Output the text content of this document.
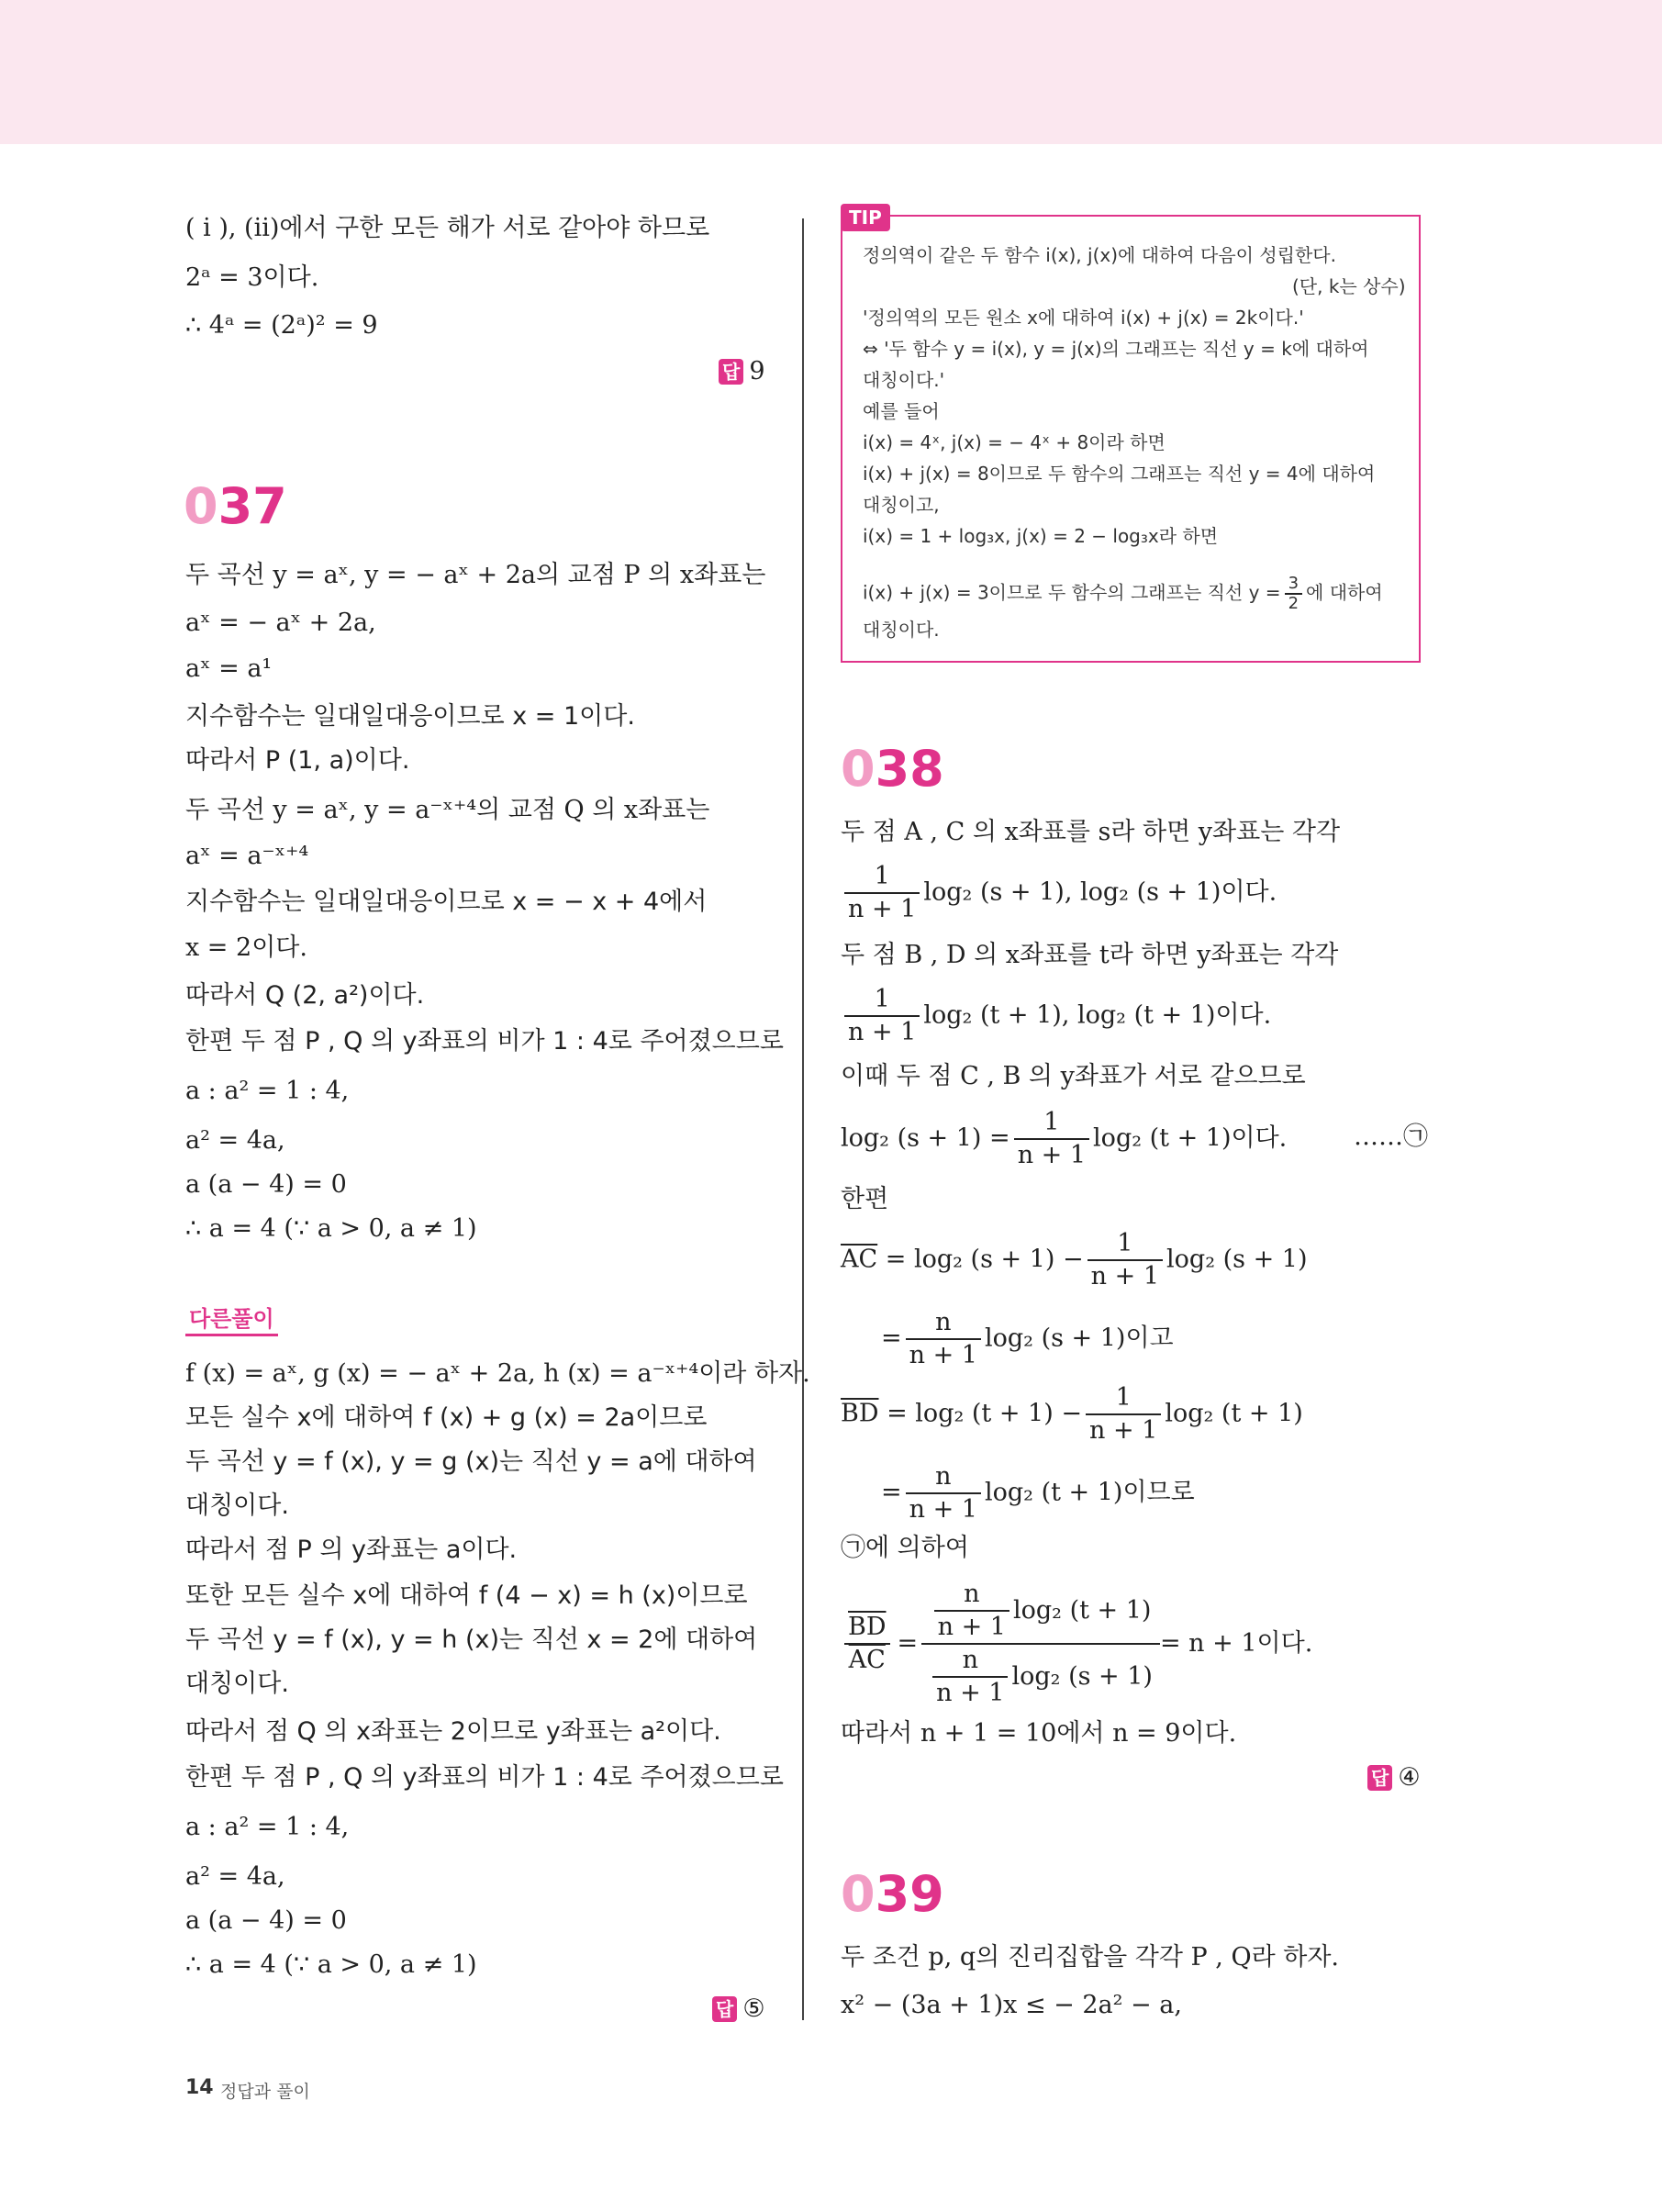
( i ), (ii)에서 구한 모든 해가 서로 같아야 하므로
2ᵃ = 3이다.
∴ 4ᵃ = (2ᵃ)² = 9
답 9
037
두 곡선 y = aˣ, y = − aˣ + 2a의 교점 P 의 x좌표는
aˣ = − aˣ + 2a,
aˣ = a¹
지수함수는 일대일대응이므로 x = 1이다.
따라서 P (1, a)이다.
두 곡선 y = aˣ, y = a⁻ˣ⁺⁴의 교점 Q 의 x좌표는
aˣ = a⁻ˣ⁺⁴
지수함수는 일대일대응이므로 x = − x + 4에서
x = 2이다.
따라서 Q (2, a²)이다.
한편 두 점 P , Q 의 y좌표의 비가 1 : 4로 주어졌으므로
a : a² = 1 : 4,
a² = 4a,
a (a − 4) = 0
∴ a = 4 (∵ a > 0, a ≠ 1)
다른풀이
f (x) = aˣ, g (x) = − aˣ + 2a, h (x) = a⁻ˣ⁺⁴이라 하자.
모든 실수 x에 대하여 f (x) + g (x) = 2a이므로
두 곡선 y = f (x), y = g (x)는 직선 y = a에 대하여
대칭이다.
따라서 점 P 의 y좌표는 a이다.
또한 모든 실수 x에 대하여 f (4 − x) = h (x)이므로
두 곡선 y = f (x), y = h (x)는 직선 x = 2에 대하여
대칭이다.
따라서 점 Q 의 x좌표는 2이므로 y좌표는 a²이다.
한편 두 점 P , Q 의 y좌표의 비가 1 : 4로 주어졌으므로
a : a² = 1 : 4,
a² = 4a,
a (a − 4) = 0
∴ a = 4 (∵ a > 0, a ≠ 1)
답 ⑤
TIP
정의역이 같은 두 함수 i(x), j(x)에 대하여 다음이 성립한다.
(단, k는 상수)
'정의역의 모든 원소 x에 대하여 i(x) + j(x) = 2k이다.'
⇔ '두 함수 y = i(x), y = j(x)의 그래프는 직선 y = k에 대하여
대칭이다.'
예를 들어
i(x) = 4ˣ, j(x) = − 4ˣ + 8이라 하면
i(x) + j(x) = 8이므로 두 함수의 그래프는 직선 y = 4에 대하여
대칭이고,
i(x) = 1 + log₃x, j(x) = 2 − log₃x라 하면
i(x) + j(x) = 3이므로 두 함수의 그래프는 직선 $y = \frac{3}{2}$ 에 대하여
대칭이다.
038
두 점 A , C 의 x좌표를 s라 하면 y좌표는 각각
$\frac{1}{n + 1} \log_2$ (s + 1), log₂ (s + 1)이다.
두 점 B , D 의 x좌표를 t라 하면 y좌표는 각각
$\frac{1}{n + 1} \log_2$ (t + 1), log₂ (t + 1)이다.
이때 두 점 C , B 의 y좌표가 서로 같으므로
log₂ $(s + 1) = \frac{1}{n + 1} \log_2$ (t + 1)이다.	……㉠
한편
$\overline{AC} = \log_2$ $(s + 1) - \frac{1}{n + 1} \log_2$ (s + 1)
= $\frac{n}{n + 1} \log_2$ (s + 1)이고
$\overline{BD} = \log_2$ $(t + 1) - \frac{1}{n + 1} \log_2$ (t + 1)
= $\frac{n}{n + 1} \log_2$ (t + 1)이므로
㉠에 의하여
$\frac{\overline{BD}}{AC} = \frac{\frac{n}{n + 1} \log_2 (t + 1)}{\frac{n}{n + 1} \log_2 (s + 1)} = n + 1$이다.
따라서 n + 1 = 10에서 n = 9이다.
답 ④
039
두 조건 p, q의 진리집합을 각각 P , Q라 하자.
x² − (3a + 1)x ≤ − 2a² − a,
14 정답과 풀이
